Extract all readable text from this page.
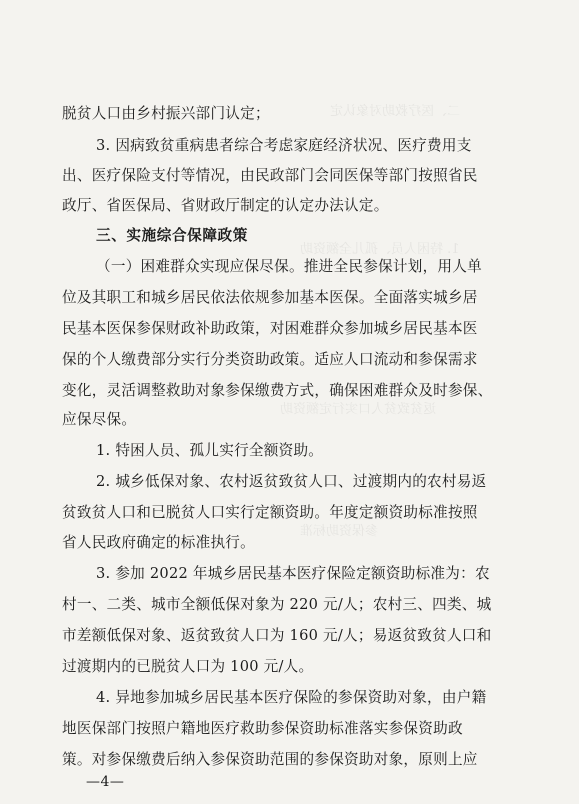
二、医疗救助对象认定
1. 特困人员、孤儿全额资助
返贫致贫人口实行定额资助
参保资助标准
脱贫人口由乡村振兴部门认定；
3. 因病致贫重病患者综合考虑家庭经济状况、医疗费用支
出、医疗保险支付等情况，由民政部门会同医保等部门按照省民
政厅、省医保局、省财政厅制定的认定办法认定。
三、实施综合保障政策
（一）困难群众实现应保尽保。推进全民参保计划，用人单
位及其职工和城乡居民依法依规参加基本医保。全面落实城乡居
民基本医保参保财政补助政策，对困难群众参加城乡居民基本医
保的个人缴费部分实行分类资助政策。适应人口流动和参保需求
变化，灵活调整救助对象参保缴费方式，确保困难群众及时参保、
应保尽保。
1. 特困人员、孤儿实行全额资助。
2. 城乡低保对象、农村返贫致贫人口、过渡期内的农村易返
贫致贫人口和已脱贫人口实行定额资助。年度定额资助标准按照
省人民政府确定的标准执行。
3. 参加 2022 年城乡居民基本医疗保险定额资助标准为：农
村一、二类、城市全额低保对象为 220 元/人；农村三、四类、城
市差额低保对象、返贫致贫人口为 160 元/人；易返贫致贫人口和
过渡期内的已脱贫人口为 100 元/人。
4. 异地参加城乡居民基本医疗保险的参保资助对象，由户籍
地医保部门按照户籍地医疗救助参保资助标准落实参保资助政
策。对参保缴费后纳入参保资助范围的参保资助对象，原则上应
—4—
